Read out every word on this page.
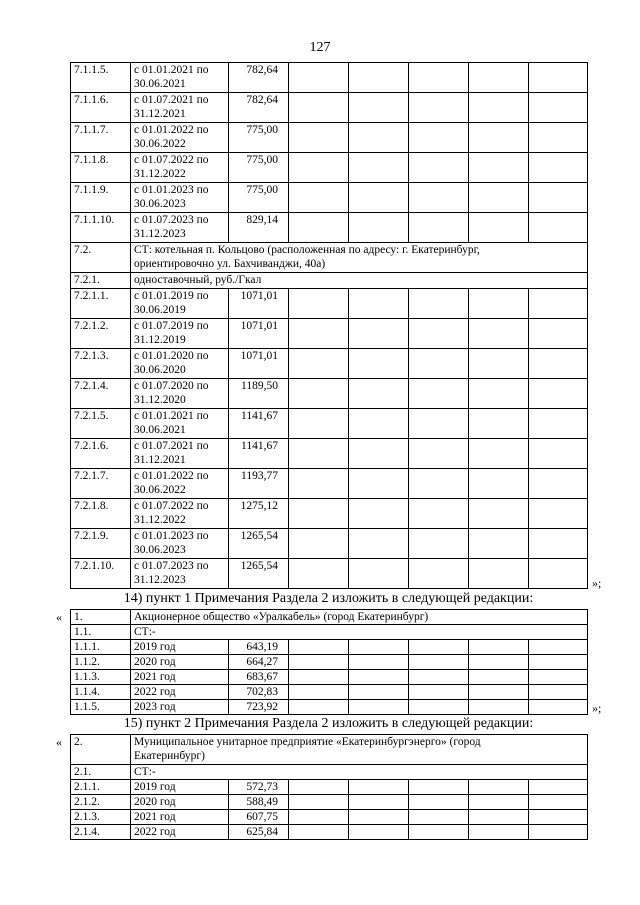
127
7.1.1.5.	с 01.01.2021 по 30.06.2021	782,64					
7.1.1.6.	с 01.07.2021 по 31.12.2021	782,64					
7.1.1.7.	с 01.01.2022 по 30.06.2022	775,00					
7.1.1.8.	с 01.07.2022 по 31.12.2022	775,00					
7.1.1.9.	с 01.01.2023 по 30.06.2023	775,00					
7.1.1.10.	с 01.07.2023 по 31.12.2023	829,14					
7.2.	СТ: котельная п. Кольцово (расположенная по адресу: г. Екатеринбург, ориентировочно ул. Бахчиванджи, 40а)						
7.2.1.	одноставочный, руб./Гкал						
7.2.1.1.	с 01.01.2019 по 30.06.2019	1071,01					
7.2.1.2.	с 01.07.2019 по 31.12.2019	1071,01					
7.2.1.3.	с 01.01.2020 по 30.06.2020	1071,01					
7.2.1.4.	с 01.07.2020 по 31.12.2020	1189,50					
7.2.1.5.	с 01.01.2021 по 30.06.2021	1141,67					
7.2.1.6.	с 01.07.2021 по 31.12.2021	1141,67					
7.2.1.7.	с 01.01.2022 по 30.06.2022	1193,77					
7.2.1.8.	с 01.07.2022 по 31.12.2022	1275,12					
7.2.1.9.	с 01.01.2023 по 30.06.2023	1265,54					
7.2.1.10.	с 01.07.2023 по 31.12.2023	1265,54					
»;
14) пункт 1 Примечания Раздела 2 изложить в следующей редакции:
« 1.	Акционерное общество «Уралкабель» (город Екатеринбург)						
1.1.	СТ:-						
1.1.1.	2019 год	643,19					
1.1.2.	2020 год	664,27					
1.1.3.	2021 год	683,67					
1.1.4.	2022 год	702,83					
1.1.5.	2023 год	723,92						»;
15) пункт 2 Примечания Раздела 2 изложить в следующей редакции:
« 2.	Муниципальное унитарное предприятие «Екатеринбургэнерго» (город Екатеринбург)						
2.1.	СТ:-						
2.1.1.	2019 год	572,73					
2.1.2.	2020 год	588,49					
2.1.3.	2021 год	607,75					
2.1.4.	2022 год	625,84					
